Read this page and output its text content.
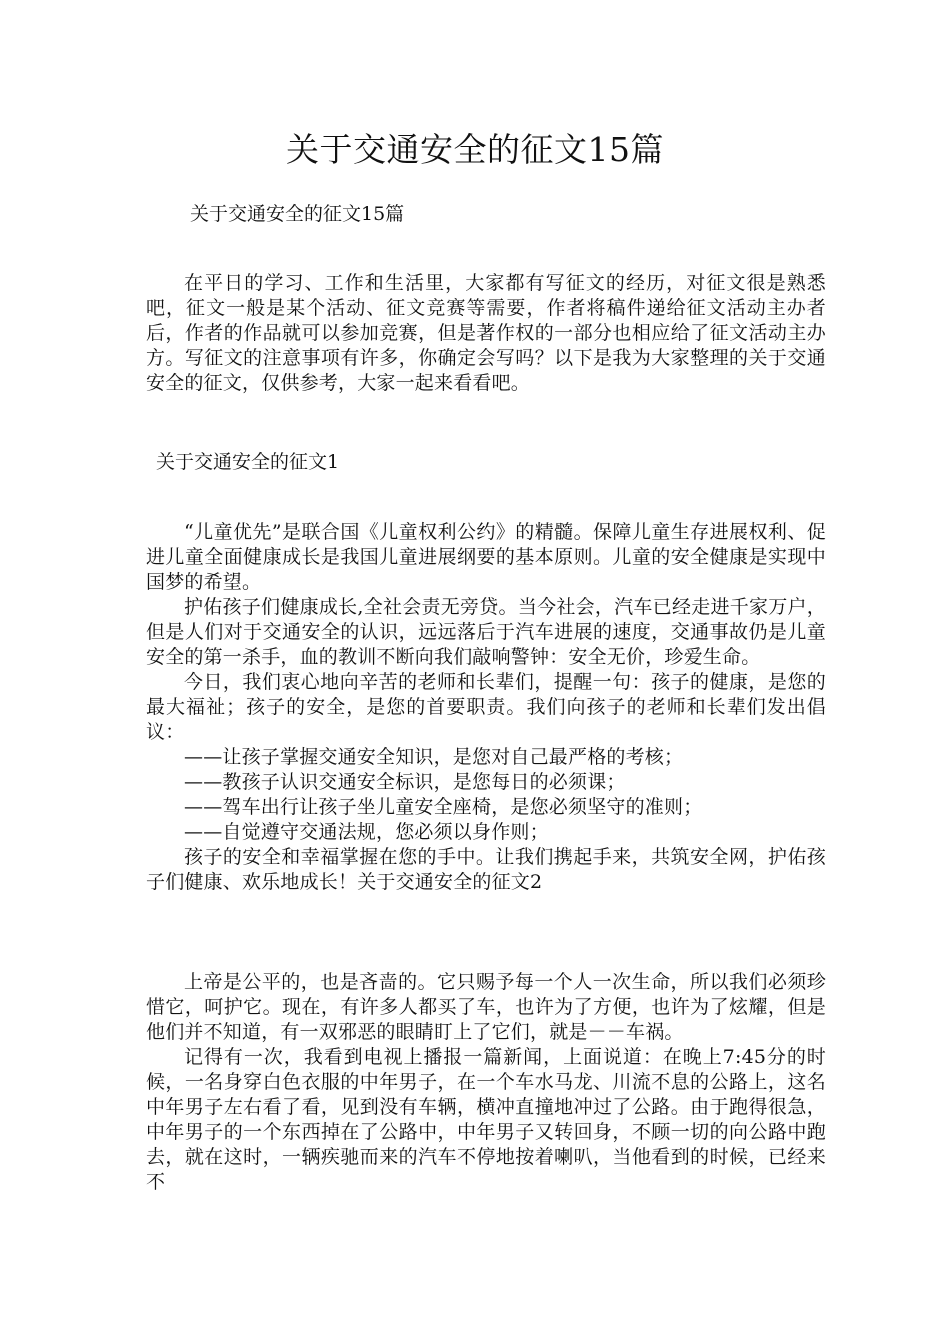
关于交通安全的征文15篇
关于交通安全的征文15篇

在平日的学习、工作和生活里，大家都有写征文的经历，对征文很是熟悉吧，征文一般是某个活动、征文竞赛等需要，作者将稿件递给征文活动主办者后，作者的作品就可以参加竞赛，但是著作权的一部分也相应给了征文活动主办方。写征文的注意事项有许多，你确定会写吗？以下是我为大家整理的关于交通安全的征文，仅供参考，大家一起来看看吧。

关于交通安全的征文1

“儿童优先”是联合国《儿童权利公约》的精髓。保障儿童生存进展权利、促进儿童全面健康成长是我国儿童进展纲要的基本原则。儿童的安全健康是实现中国梦的希望。

护佑孩子们健康成长,全社会责无旁贷。当今社会，汽车已经走进千家万户，但是人们对于交通安全的认识，远远落后于汽车进展的速度，交通事故仍是儿童安全的第一杀手，血的教训不断向我们敲响警钟：安全无价，珍爱生命。

今日，我们衷心地向辛苦的老师和长辈们，提醒一句：孩子的健康，是您的最大福祉；孩子的安全，是您的首要职责。我们向孩子的老师和长辈们发出倡议：

——让孩子掌握交通安全知识，是您对自己最严格的考核；

——教孩子认识交通安全标识，是您每日的必须课；

——驾车出行让孩子坐儿童安全座椅，是您必须坚守的准则；

——自觉遵守交通法规，您必须以身作则；

孩子的安全和幸福掌握在您的手中。让我们携起手来，共筑安全网，护佑孩子们健康、欢乐地成长！关于交通安全的征文2

上帝是公平的，也是吝啬的。它只赐予每一个人一次生命，所以我们必须珍惜它，呵护它。现在，有许多人都买了车，也许为了方便，也许为了炫耀，但是他们并不知道，有一双邪恶的眼睛盯上了它们，就是－－车祸。

记得有一次，我看到电视上播报一篇新闻，上面说道：在晚上7:45分的时候，一名身穿白色衣服的中年男子，在一个车水马龙、川流不息的公路上，这名中年男子左右看了看，见到没有车辆，横冲直撞地冲过了公路。由于跑得很急，中年男子的一个东西掉在了公路中，中年男子又转回身，不顾一切的向公路中跑去，就在这时，一辆疾驰而来的汽车不停地按着喇叭，当他看到的时候，已经来不
